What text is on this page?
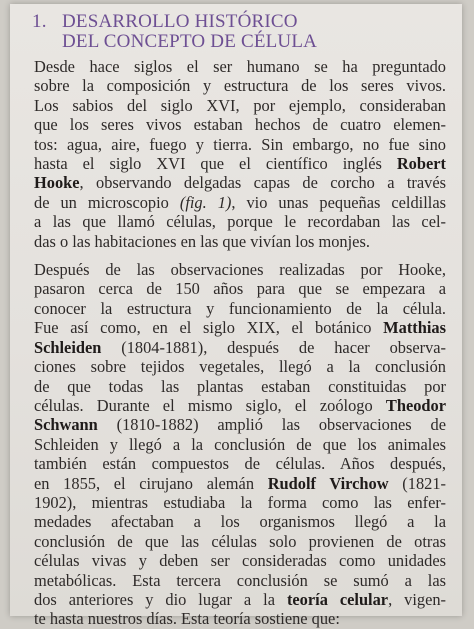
1. DESARROLLO HISTÓRICO
DEL CONCEPTO DE CÉLULA
Desde hace siglos el ser humano se ha preguntado
sobre la composición y estructura de los seres vivos.
Los sabios del siglo XVI, por ejemplo, consideraban
que los seres vivos estaban hechos de cuatro elemen-
tos: agua, aire, fuego y tierra. Sin embargo, no fue sino
hasta el siglo XVI que el científico inglés Robert
Hooke, observando delgadas capas de corcho a través
de un microscopio (fig. 1), vio unas pequeñas celdillas
a las que llamó células, porque le recordaban las cel-
das o las habitaciones en las que vivían los monjes.
Después de las observaciones realizadas por Hooke,
pasaron cerca de 150 años para que se empezara a
conocer la estructura y funcionamiento de la célula.
Fue así como, en el siglo XIX, el botánico Matthias
Schleiden (1804-1881), después de hacer observa-
ciones sobre tejidos vegetales, llegó a la conclusión
de que todas las plantas estaban constituidas por
células. Durante el mismo siglo, el zoólogo Theodor
Schwann (1810-1882) amplió las observaciones de
Schleiden y llegó a la conclusión de que los animales
también están compuestos de células. Años después,
en 1855, el cirujano alemán Rudolf Virchow (1821-
1902), mientras estudiaba la forma como las enfer-
medades afectaban a los organismos llegó a la
conclusión de que las células solo provienen de otras
células vivas y deben ser consideradas como unidades
metabólicas. Esta tercera conclusión se sumó a las
dos anteriores y dio lugar a la teoría celular, vigen-
te hasta nuestros días. Esta teoría sostiene que:
